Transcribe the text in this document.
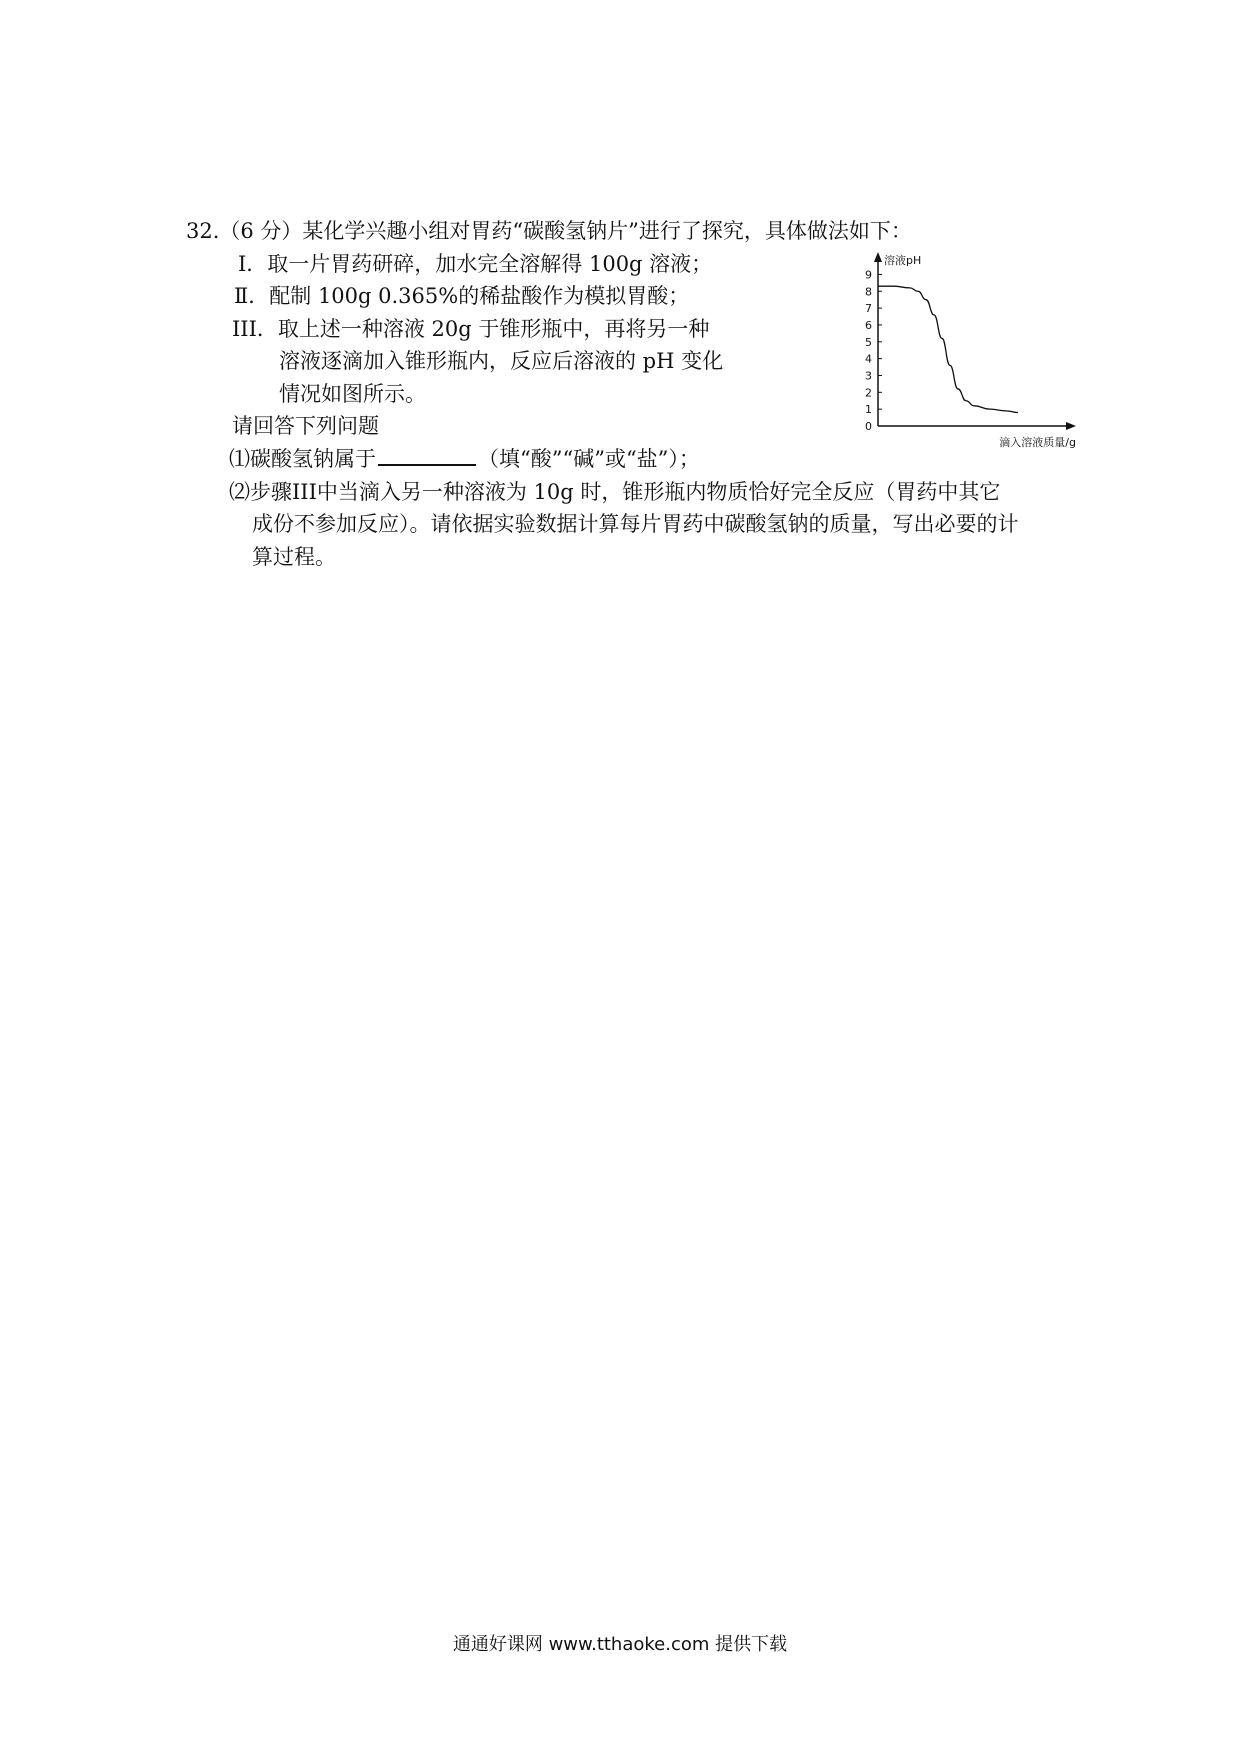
32.（6 分）某化学兴趣小组对胃药“碳酸氢钠片”进行了探究，具体做法如下：
Ⅰ．取一片胃药研碎，加水完全溶解得 100g 溶液；
Ⅱ．配制 100g 0.365%的稀盐酸作为模拟胃酸；
III．取上述一种溶液 20g 于锥形瓶中，再将另一种
溶液逐滴加入锥形瓶内，反应后溶液的 pH 变化
情况如图所示。
请回答下列问题
⑴碳酸氢钠属于	（填“酸”“碱”或“盐”）；
⑵步骤III中当滴入另一种溶液为 10g 时，锥形瓶内物质恰好完全反应（胃药中其它
成份不参加反应）。请依据实验数据计算每片胃药中碳酸氢钠的质量，写出必要的计
算过程。
溶液pH
滴入溶液质量/g
0
1
2
3
4
5
6
7
8
9
通通好课网 www.tthaoke.com 提供下载
